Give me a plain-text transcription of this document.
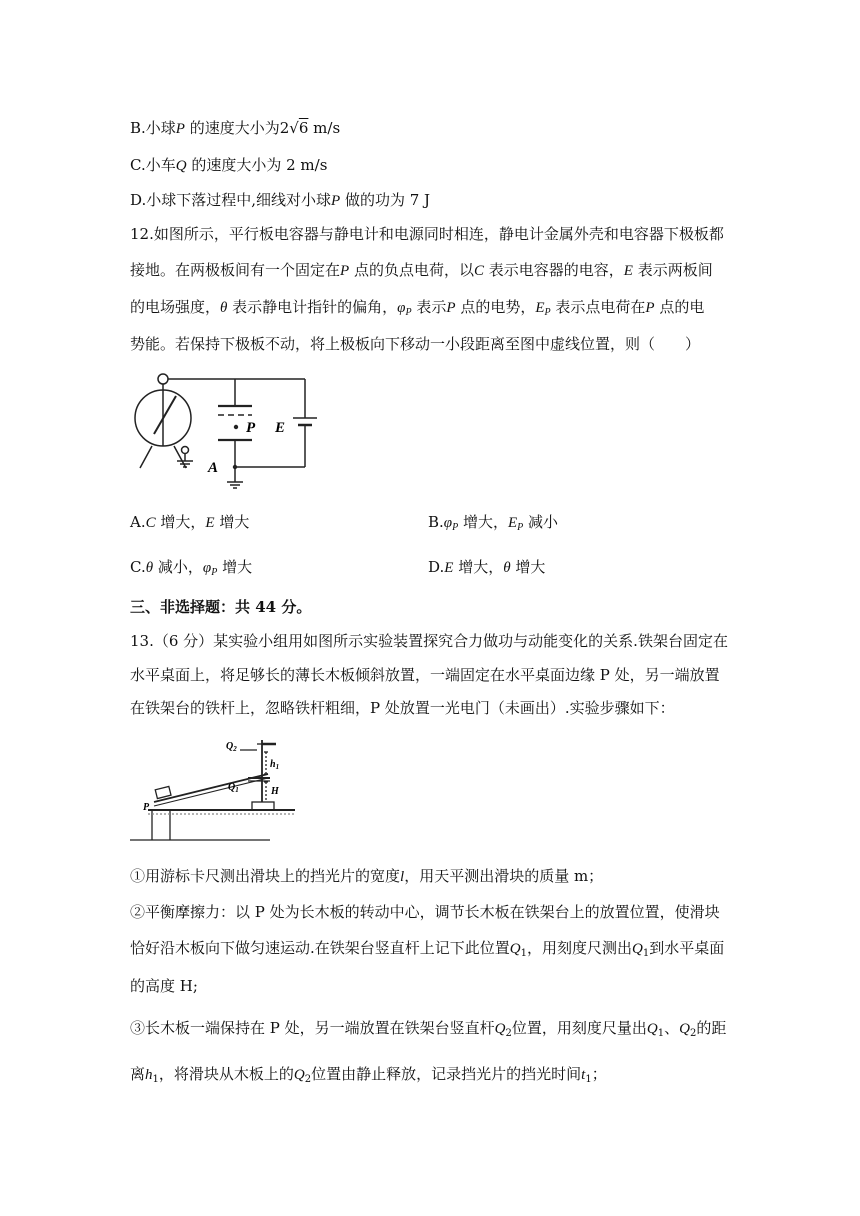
B.小球P 的速度大小为2√6 m/s
C.小车Q 的速度大小为 2 m/s
D.小球下落过程中,细线对小球P 做的功为 7 J
12.如图所示，平行板电容器与静电计和电源同时相连，静电计金属外壳和电容器下极板都
接地。在两极板间有一个固定在P 点的负点电荷，以C 表示电容器的电容，E 表示两板间
的电场强度，θ 表示静电计指针的偏角，$\varphi_P$ 表示P 点的电势，$E_P$ 表示点电荷在P 点的电
势能。若保持下极板不动，将上极板向下移动一小段距离至图中虚线位置，则（　　）
P E
A
A.C 增大，E 增大	$B.\varphi_P$ 增大，$E_P$ 减小
C.θ 减小，$\varphi_P$ 增大	D.E 增大，θ 增大
三、非选择题：共 44 分。
13.（6 分）某实验小组用如图所示实验装置探究合力做功与动能变化的关系.铁架台固定在
水平桌面上，将足够长的薄长木板倾斜放置，一端固定在水平桌面边缘 P 处，另一端放置
在铁架台的铁杆上，忽略铁杆粗细，P 处放置一光电门（未画出）.实验步骤如下：
$Q_2$
$Q_1$
$h_1$
H
P
①用游标卡尺测出滑块上的挡光片的宽度l，用天平测出滑块的质量 m；
②平衡摩擦力：以 P 处为长木板的转动中心，调节长木板在铁架台上的放置位置，使滑块
恰好沿木板向下做匀速运动.在铁架台竖直杆上记下此位置$Q_1$，用刻度尺测出$Q_1$到水平桌面
的高度 H;
③长木板一端保持在 P 处，另一端放置在铁架台竖直杆$Q_2$位置，用刻度尺量出$Q_1$、$Q_2$的距
离$h_1$，将滑块从木板上的$Q_2$位置由静止释放，记录挡光片的挡光时间$t_1$；
